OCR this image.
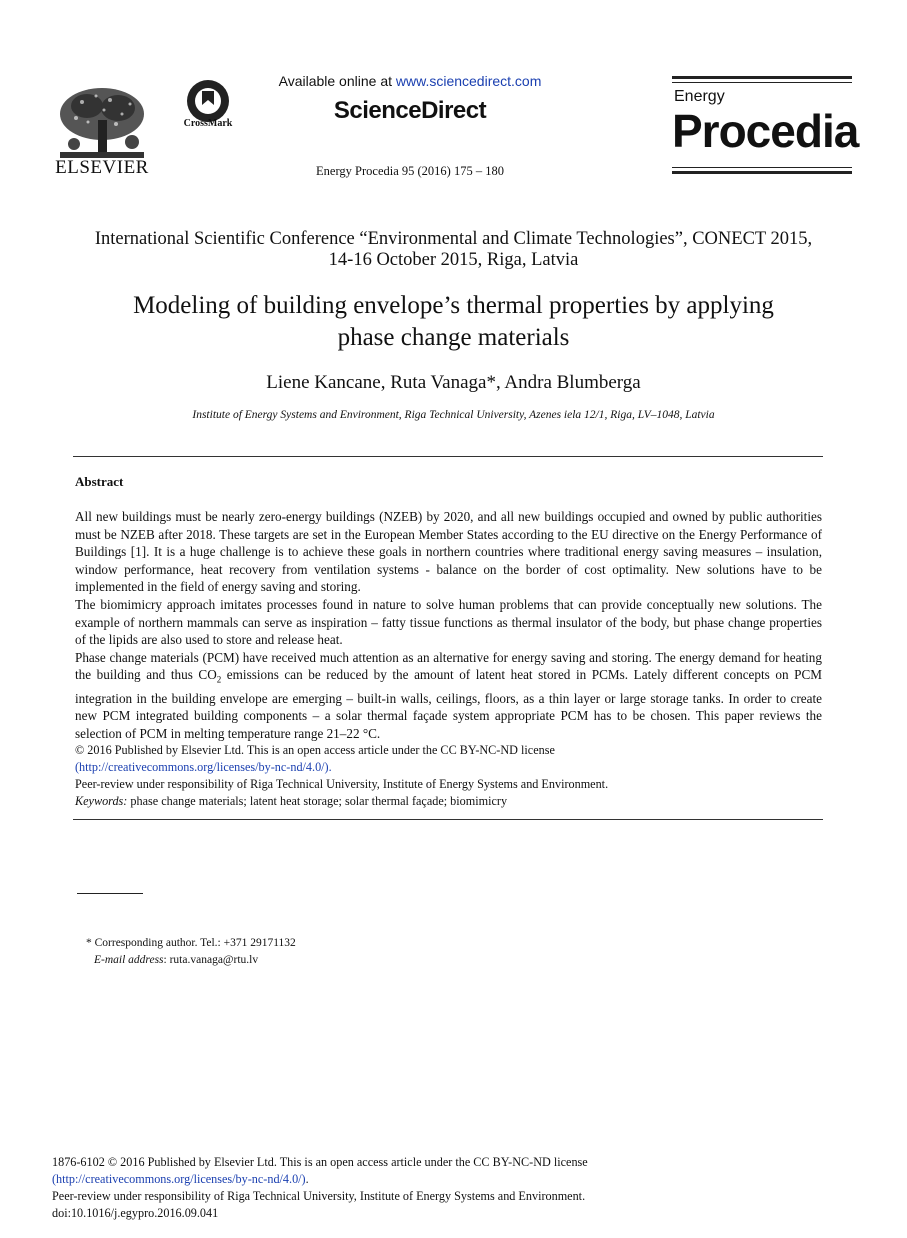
ELSEVIER
CrossMark
Available online at www.sciencedirect.com
ScienceDirect
Energy Procedia 95 (2016) 175 – 180
Energy
Procedia
International Scientific Conference “Environmental and Climate Technologies”, CONECT 2015,
14-16 October 2015, Riga, Latvia
Modeling of building envelope’s thermal properties by applying
phase change materials
Liene Kancane, Ruta Vanaga*, Andra Blumberga
Institute of Energy Systems and Environment, Riga Technical University, Azenes iela 12/1, Riga, LV–1048, Latvia
Abstract

All new buildings must be nearly zero-energy buildings (NZEB) by 2020, and all new buildings occupied and owned by public authorities must be NZEB after 2018. These targets are set in the European Member States according to the EU directive on the Energy Performance of Buildings [1]. It is a huge challenge is to achieve these goals in northern countries where traditional energy saving measures – insulation, window performance, heat recovery from ventilation systems - balance on the border of cost optimality. New solutions have to be implemented in the field of energy saving and storing.

The biomimicry approach imitates processes found in nature to solve human problems that can provide conceptually new solutions. The example of northern mammals can serve as inspiration – fatty tissue functions as thermal insulator of the body, but phase change properties of the lipids are also used to store and release heat.

Phase change materials (PCM) have received much attention as an alternative for energy saving and storing. The energy demand for heating the building and thus $CO_2$ emissions can be reduced by the amount of latent heat stored in PCMs. Lately different concepts on PCM integration in the building envelope are emerging – built-in walls, ceilings, floors, as a thin layer or large storage tanks. In order to create new PCM integrated building components – a solar thermal façade system appropriate PCM has to be chosen. This paper reviews the selection of PCM in melting temperature range 21–22 °C.

© 2016 Published by Elsevier Ltd. This is an open access article under the CC BY-NC-ND license
(http://creativecommons.org/licenses/by-nc-nd/4.0/).
Peer-review under responsibility of Riga Technical University, Institute of Energy Systems and Environment.
Keywords: phase change materials; latent heat storage; solar thermal façade; biomimicry
* Corresponding author. Tel.: +371 29171132
E-mail address: ruta.vanaga@rtu.lv
1876-6102 © 2016 Published by Elsevier Ltd. This is an open access article under the CC BY-NC-ND license
(http://creativecommons.org/licenses/by-nc-nd/4.0/).
Peer-review under responsibility of Riga Technical University, Institute of Energy Systems and Environment.
doi:10.1016/j.egypro.2016.09.041
